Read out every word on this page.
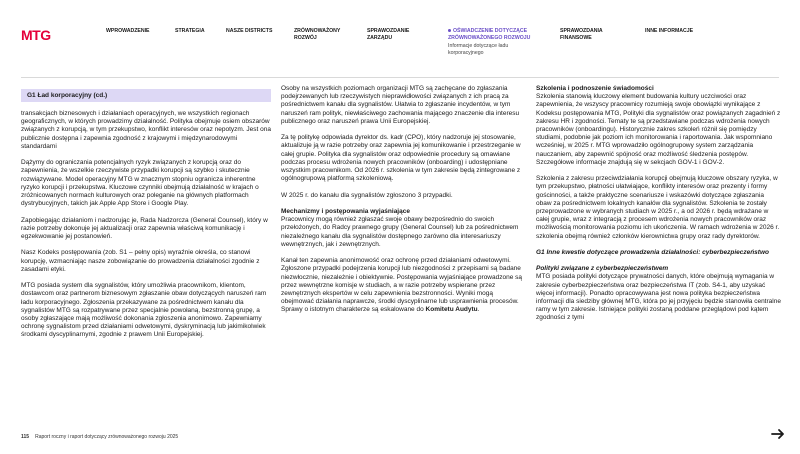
MTG	WPROWADZENIE	STRATEGIA	NASZE DISTRICTS	ZRÓWNOWAŻONY ROZWÓJ
SPRAWOZDANIE ZARZĄDU
OŚWIADCZENIE DOTYCZĄCE ZRÓWNOWAŻONEGO ROZWOJU
Informacje dotyczące ładu korporacyjnego
SPRAWOZDANIA FINANSOWE
INNE INFORMACJE
G1 Ład korporacyjny (cd.)

transakcjach biznesowych i działaniach operacyjnych, we wszystkich regionach geograficznych, w których prowadzimy działalność. Polityka obejmuje osiem obszarów związanych z korupcją, w tym przekupstwo, konflikt interesów oraz nepotyzm. Jest ona publicznie dostępna i zapewnia zgodność z krajowymi i międzynarodowymi standardami

Dążymy do ograniczania potencjalnych ryzyk związanych z korupcją oraz do zapewnienia, że wszelkie rzeczywiste przypadki korupcji są szybko i skutecznie rozwiązywane. Model operacyjny MTG w znacznym stopniu ogranicza inherentne ryzyko korupcji i przekupstwa. Kluczowe czynniki obejmują działalność w krajach o zróżnicowanych normach kulturowych oraz poleganie na głównych platformach dystrybucyjnych, takich jak Apple App Store i Google Play.

Zapobiegając działaniom i nadzorując je, Rada Nadzorcza (General Counsel), który w razie potrzeby dokonuje jej aktualizacji oraz zapewnia właściwą komunikację i egzekwowanie jej postanowień.

Nasz Kodeks postępowania (zob. S1 – pełny opis) wyraźnie określa, co stanowi korupcję, wzmacniając nasze zobowiązanie do prowadzenia działalności zgodnie z zasadami etyki.

MTG posiada system dla sygnalistów, który umożliwia pracownikom, klientom, dostawcom oraz partnerom biznesowym zgłaszanie obaw dotyczących naruszeń ram ładu korporacyjnego. Zgłoszenia przekazywane za pośrednictwem kanału dla sygnalistów MTG są rozpatrywane przez specjalnie powołaną, bezstronną grupę, a osoby zgłaszające mają możliwość dokonania zgłoszenia anonimowo. Zapewniamy ochronę sygnalistom przed działaniami odwetowymi, dyskryminacją lub jakimikolwiek środkami dyscyplinarnymi, zgodnie z prawem Unii Europejskiej.

Osoby na wszystkich poziomach organizacji MTG są zachęcane do zgłaszania podejrzewanych lub rzeczywistych nieprawidłowości związanych z ich pracą za pośrednictwem kanału dla sygnalistów. Ułatwia to zgłaszanie incydentów, w tym naruszeń ram polityk, niewłaściwego zachowania mającego znaczenie dla interesu publicznego oraz naruszeń prawa Unii Europejskiej.

Za tę politykę odpowiada dyrektor ds. kadr (CPO), który nadzoruje jej stosowanie, aktualizuje ją w razie potrzeby oraz zapewnia jej komunikowanie i przestrzeganie w całej grupie. Polityka dla sygnalistów oraz odpowiednie procedury są omawiane podczas procesu wdrożenia nowych pracowników (onboarding) i udostępniane wszystkim pracownikom. Od 2026 r. szkolenia w tym zakresie będą zintegrowane z ogólnogrupową platformą szkoleniową.

W 2025 r. do kanału dla sygnalistów zgłoszono 3 przypadki.

Mechanizmy i postępowania wyjaśniające

Pracownicy mogą również zgłaszać swoje obawy bezpośrednio do swoich przełożonych, do Radcy prawnego grupy (General Counsel) lub za pośrednictwem niezależnego kanału dla sygnalistów dostępnego zarówno dla interesariuszy wewnętrznych, jak i zewnętrznych.

Kanał ten zapewnia anonimowość oraz ochronę przed działaniami odwetowymi. Zgłoszone przypadki podejrzenia korupcji lub niezgodności z przepisami są badane niezwłocznie, niezależnie i obiektywnie. Postępowania wyjaśniające prowadzone są przez wewnętrzne komisje w studiach, a w razie potrzeby wspierane przez zewnętrznych ekspertów w celu zapewnienia bezstronności. Wyniki mogą obejmować działania naprawcze, środki dyscyplinarne lub usprawnienia procesów. Sprawy o istotnym charakterze są eskalowane do Komitetu Audytu.

Szkolenia i podnoszenie świadomości

Szkolenia stanowią kluczowy element budowania kultury uczciwości oraz zapewnienia, że wszyscy pracownicy rozumieją swoje obowiązki wynikające z Kodeksu postępowania MTG, Polityki dla sygnalistów oraz powiązanych zagadnień z zakresu HR i zgodności. Tematy te są przedstawiane podczas wdrożenia nowych pracowników (onboardingu). Historycznie zakres szkoleń różnił się pomiędzy studiami, podobnie jak poziom ich monitorowania i raportowania. Jak wspomniano wcześniej, w 2025 r. MTG wprowadziło ogólnogrupowy system zarządzania nauczaniem, aby zapewnić spójność oraz możliwość śledzenia postępów. Szczegółowe informacje znajdują się w sekcjach GOV-1 i GOV-2.

Szkolenia z zakresu przeciwdziałania korupcji obejmują kluczowe obszary ryzyka, w tym przekupstwo, płatności ułatwiające, konflikty interesów oraz prezenty i formy gościnności, a także praktyczne scenariusze i wskazówki dotyczące zgłaszania obaw za pośrednictwem lokalnych kanałów dla sygnalistów. Szkolenia te zostały przeprowadzone w wybranych studiach w 2025 r., a od 2026 r. będą wdrażane w całej grupie, wraz z integracją z procesem wdrożenia nowych pracowników oraz możliwością monitorowania poziomu ich ukończenia. W ramach wdrożenia w 2026 r. szkolenia obejmą również członków kierownictwa grupy oraz rady dyrektorów.

G1 Inne kwestie dotyczące prowadzenia działalności: cyberbezpieczeństwo
Polityki związane z cyberbezpieczeństwem

MTG posiada polityki dotyczące prywatności danych, które obejmują wymagania w zakresie cyberbezpieczeństwa oraz bezpieczeństwa IT (zob. S4-1, aby uzyskać więcej informacji). Ponadto opracowywana jest nowa polityka bezpieczeństwa informacji dla siedziby głównej MTG, która po jej przyjęciu będzie stanowiła centralne ramy w tym zakresie. Istniejące polityki zostaną poddane przeglądowi pod kątem zgodności z tymi

115 Raport roczny i raport dotyczący zrównoważonego rozwoju 2025
